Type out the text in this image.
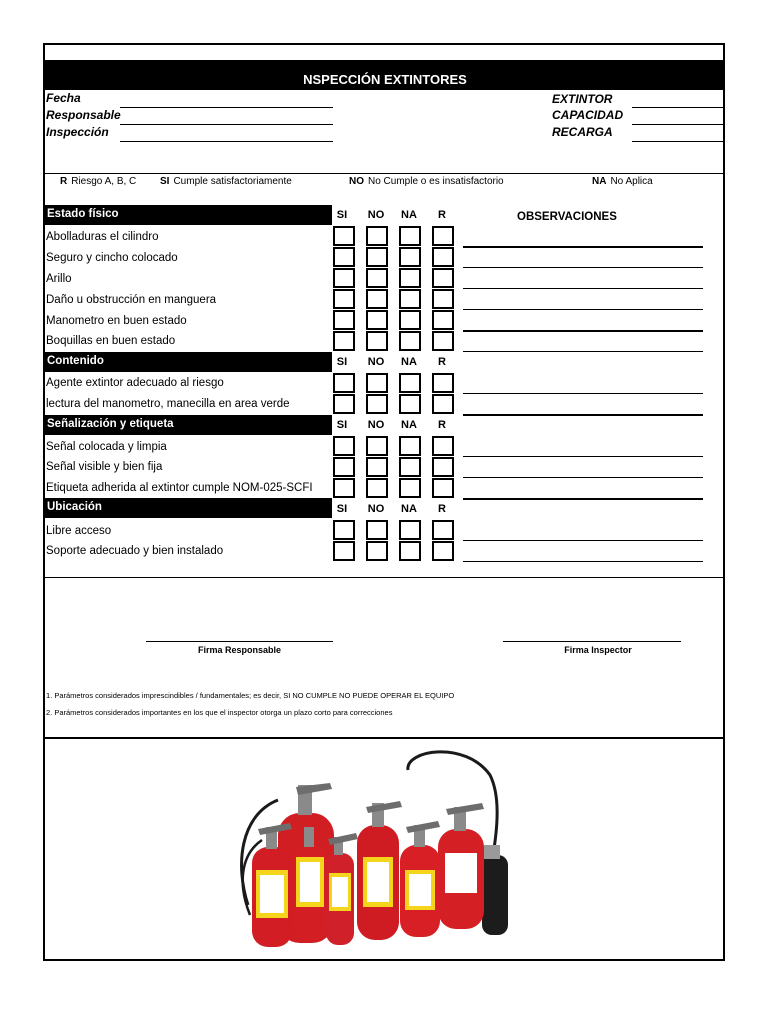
NSPECCIÓN EXTINTORES
Fecha
Responsable
Inspección
EXTINTOR
CAPACIDAD
RECARGA
R Riesgo A, B, C SI Cumple satisfactoriamente	NO No Cumple o es insatisfactorio	NA No Aplica
OBSERVACIONES
Estado físico	SI	NO	NA	R
Abolladuras el cilindro
Seguro y cincho colocado
Arillo
Daño u obstrucción en manguera
Manometro en buen estado
Boquillas en buen estado
Contenido	SI	NO	NA	R
Agente extintor adecuado al riesgo
lectura del manometro, manecilla en area verde
Señalización y etiqueta	SI	NO	NA	R
Señal colocada y limpia
Señal visible y bien fija
Etiqueta adherida al extintor cumple NOM-025-SCFI
Ubicación	SI	NO	NA	R
Libre acceso
Soporte adecuado y bien instalado
Firma Responsable	Firma Inspector
1. Parámetros considerados imprescindibles / fundamentales; es decir, SI NO CUMPLE NO PUEDE OPERAR EL EQUIPO
2. Parámetros considerados importantes en los que el inspector otorga un plazo corto para correcciones
